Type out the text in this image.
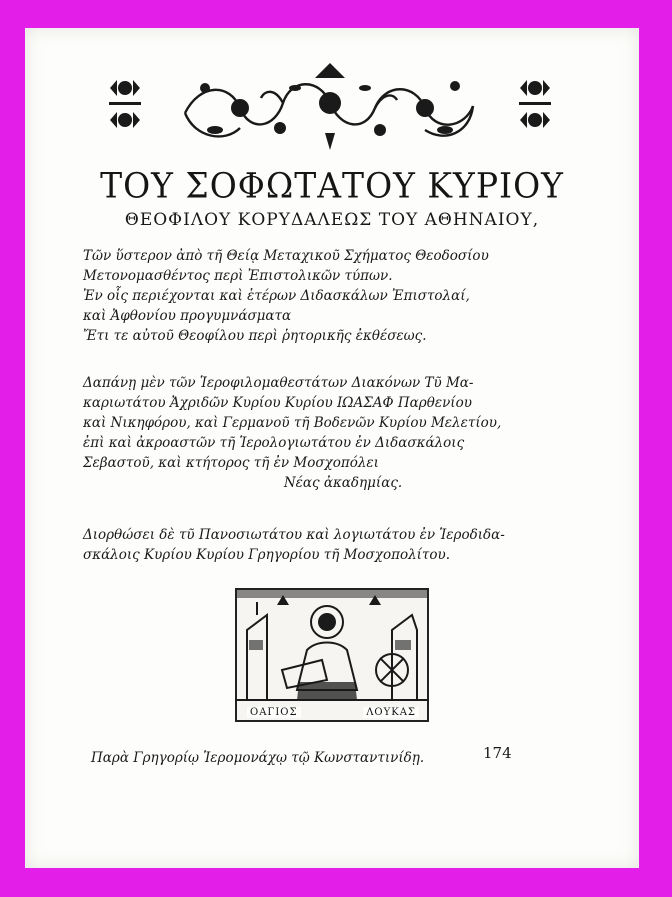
ΤΟΥ ΣΟΦΩΤΑΤΟΥ ΚΥΡΙΟΥ
ΘΕΟΦΙΛΟΥ ΚΟΡΥΔΑΛΕΩΣ ΤΟΥ ΑΘΗΝΑΙΟΥ,
Τῶν ὕστερον ἀπὸ τῆ Θείᾳ Μεταχικοῦ Σχήματος Θεοδοσίου
Μετονομασθέντος περὶ Ἐπιστολικῶν τύπων.
Ἐν οἷς περιέχονται καὶ ἑτέρων Διδασκάλων Ἐπιστολαί,
καὶ Ἀφθονίου προγυμνάσματα
Ἔτι τε αὐτοῦ Θεοφίλου περὶ ῥητορικῆς ἐκθέσεως.
Δαπάνῃ μὲν τῶν Ἱεροφιλομαθεστάτων Διακόνων Τῦ Μα-
καριωτάτου Ἀχριδῶν Κυρίου Κυρίου ΙΩΑΣΑΦ Παρθενίου
καὶ Νικηφόρου, καὶ Γερμανοῦ τῆ Βοδενῶν Κυρίου Μελετίου,
ἐπὶ καὶ ἀκροαστῶν τῆ Ἱερολογιωτάτου ἐν Διδασκάλοις
Σεβαστοῦ, καὶ κτήτορος τῆ ἐν Μοσχοπόλει
Νέας ἀκαδημίας.
Διορθώσει δὲ τῦ Πανοσιωτάτου καὶ λογιωτάτου ἐν Ἱεροδιδα-
σκάλοις Κυρίου Κυρίου Γρηγορίου τῆ Μοσχοπολίτου.
ΟΑΓΙΟΣ	ΛΟΥΚΑΣ
Παρὰ Γρηγορίῳ Ἱερομονάχῳ τῷ Κωνσταντινίδῃ.	174
